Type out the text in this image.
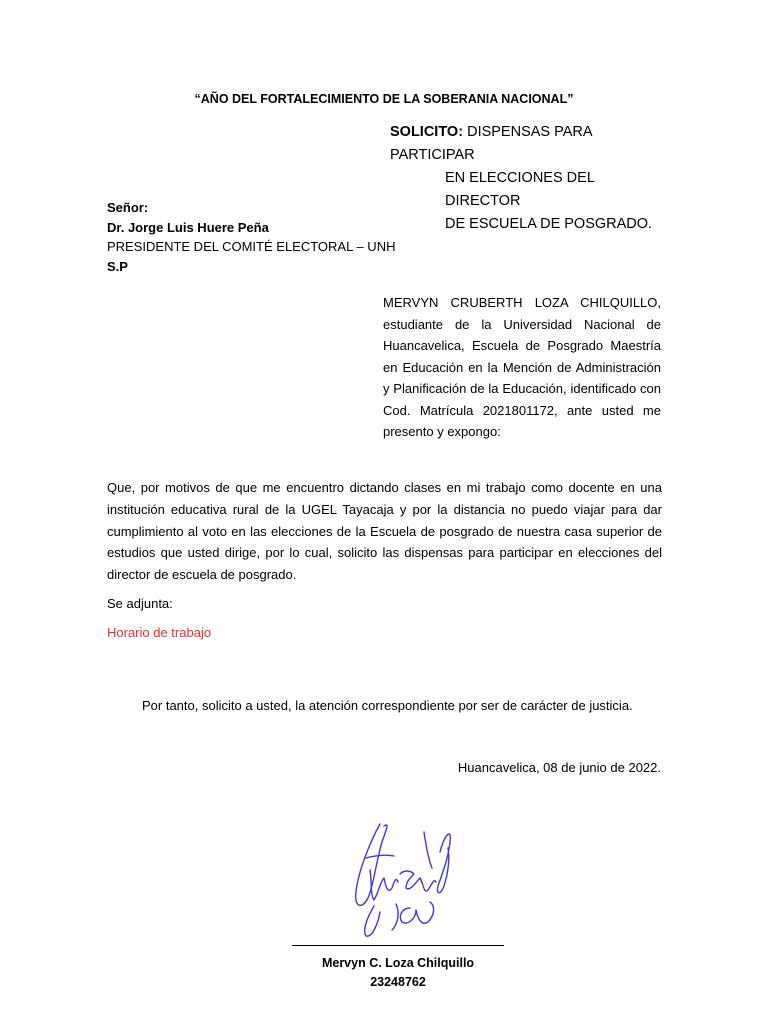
“AÑO DEL FORTALECIMIENTO DE LA SOBERANIA NACIONAL”
SOLICITO: DISPENSAS PARA PARTICIPAR
EN ELECCIONES DEL DIRECTOR
DE ESCUELA DE POSGRADO.
Señor:
Dr. Jorge Luis Huere Peña
PRESIDENTE DEL COMITÉ ELECTORAL – UNH
S.P
MERVYN CRUBERTH LOZA CHILQUILLO, estudiante de la Universidad Nacional de Huancavelica, Escuela de Posgrado Maestría en Educación en la Mención de Administración y Planificación de la Educación, identificado con Cod. Matrícula 2021801172, ante usted me presento y expongo:
Que, por motivos de que me encuentro dictando clases en mi trabajo como docente en una institución educativa rural de la UGEL Tayacaja y por la distancia no puedo viajar para dar cumplimiento al voto en las elecciones de la Escuela de posgrado de nuestra casa superior de estudios que usted dirige, por lo cual, solicito las dispensas para participar en elecciones del director de escuela de posgrado.
Se adjunta:
Horario de trabajo
Por tanto, solicito a usted, la atención correspondiente por ser de carácter de justicia.
Huancavelica, 08 de junio de 2022.
Mervyn C. Loza Chilquillo
23248762
